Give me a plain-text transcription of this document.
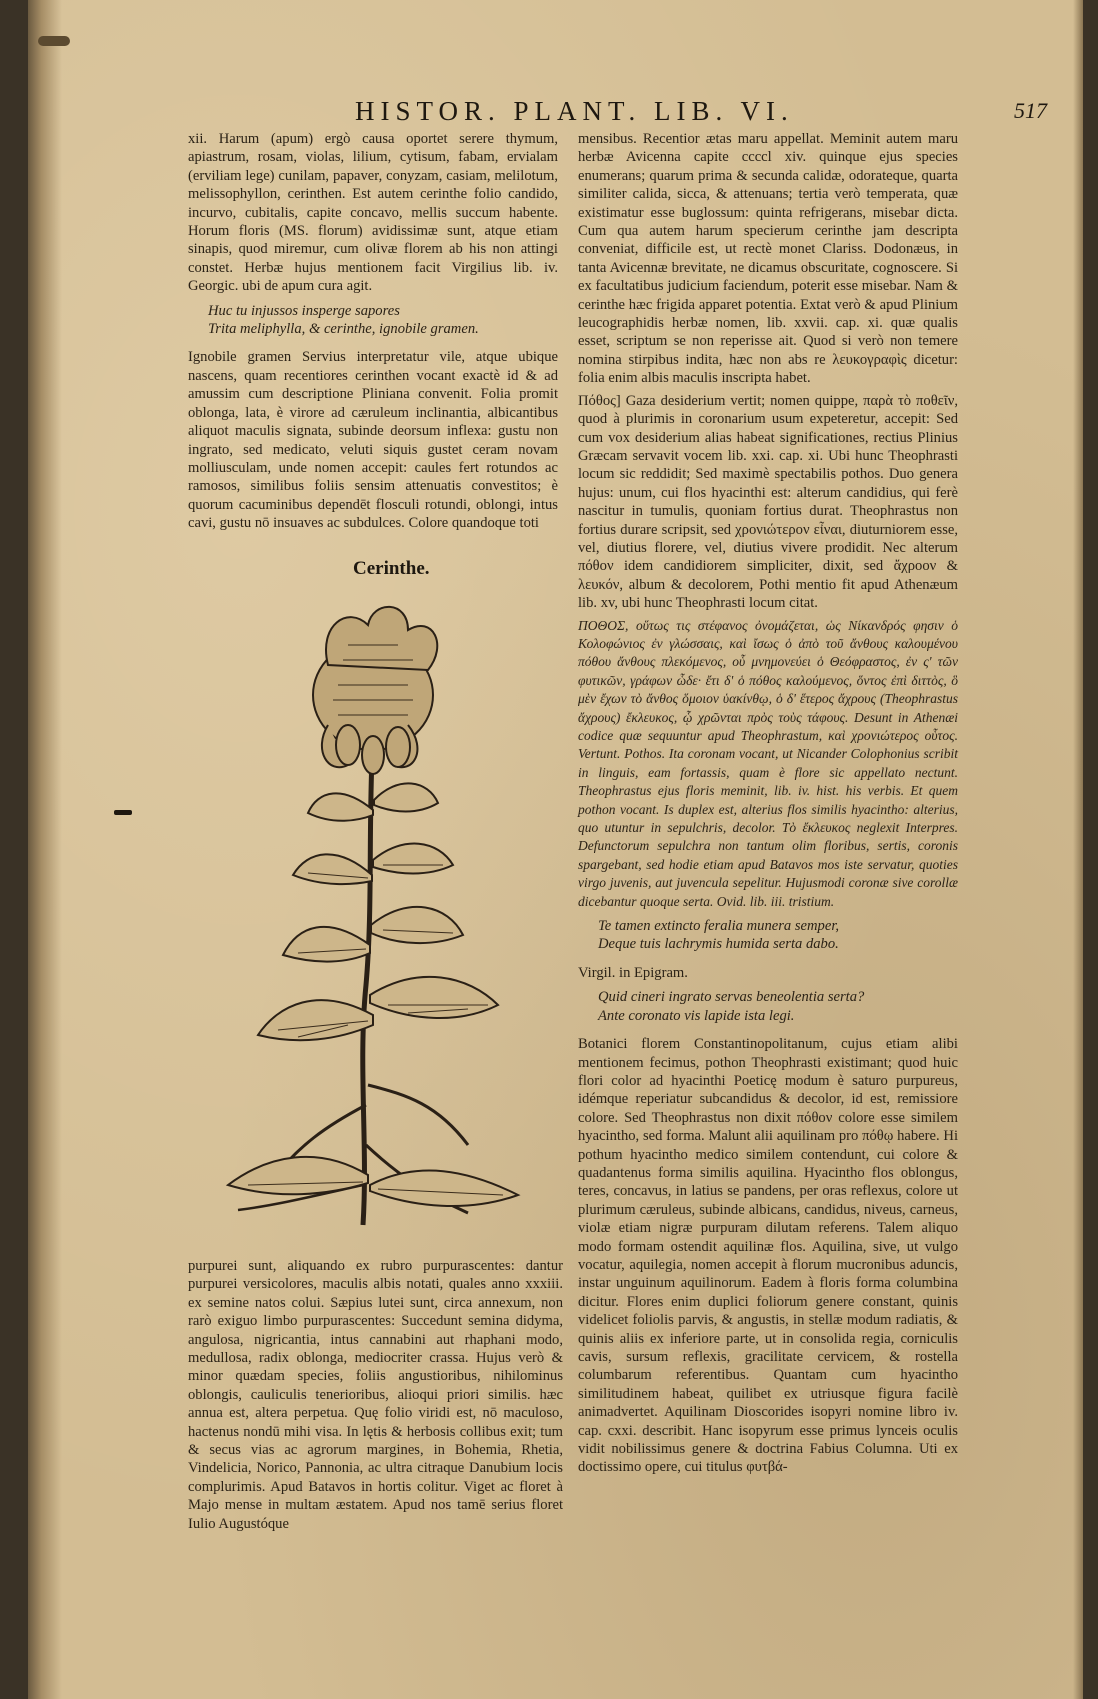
HISTOR. PLANT. LIB. VI.	517

xii. Harum (apum) ergò causa oportet serere thymum, apiastrum, rosam, violas, lilium, cytisum, fabam, ervialam (erviliam lege) cunilam, papaver, conyzam, casiam, melilotum, melissophyllon, cerinthen. Est autem cerinthe folio candido, incurvo, cubitalis, capite concavo, mellis succum habente. Horum floris (MS. florum) avidissimæ sunt, atque etiam sinapis, quod miremur, cum olivæ florem ab his non attingi constet. Herbæ hujus mentionem facit Virgilius lib. iv. Georgic. ubi de apum cura agit.

Huc tu injussos insperge sapores
Trita meliphylla, & cerinthe, ignobile gramen.

Ignobile gramen Servius interpretatur vile, atque ubique nascens, quam recentiores cerinthen vocant exactè id & ad amussim cum descriptione Pliniana convenit. Folia promit oblonga, lata, è virore ad cæruleum inclinantia, albicantibus aliquot maculis signata, subinde deorsum inflexa: gustu non ingrato, sed medicato, veluti siquis gustet ceram novam molliusculam, unde nomen accepit: caules fert rotundos ac ramosos, similibus foliis sensim attenuatis convestitos; è quorum cacuminibus dependēt flosculi rotundi, oblongi, intus cavi, gustu nō insuaves ac subdulces. Colore quandoque toti

Cerinthe.

purpurei sunt, aliquando ex rubro purpurascentes: dantur purpurei versicolores, maculis albis notati, quales anno xxxiii. ex semine natos colui. Sæpius lutei sunt, circa annexum, non rarò exiguo limbo purpurascentes: Succedunt semina didyma, angulosa, nigricantia, intus cannabini aut rhaphani modo, medullosa, radix oblonga, mediocriter crassa. Hujus verò & minor quædam species, foliis angustioribus, nihilominus oblongis, cauliculis tenerioribus, alioqui priori similis. hæc annua est, altera perpetua. Quę folio viridi est, nō maculoso, hactenus nondū mihi visa. In lętis & herbosis collibus exit; tum & secus vias ac agrorum margines, in Bohemia, Rhetia, Vindelicia, Norico, Pannonia, ac ultra citraque Danubium locis complurimis. Apud Batavos in hortis colitur. Viget ac floret à Majo mense in multam æstatem. Apud nos tamē serius floret Iulio Augustóque

mensibus. Recentior ætas maru appellat. Meminit autem maru herbæ Avicenna capite ccccl xiv. quinque ejus species enumerans; quarum prima & secunda calidæ, odorateque, quarta similiter calida, sicca, & attenuans; tertia verò temperata, quæ existimatur esse buglossum: quinta refrigerans, misebar dicta. Cum qua autem harum specierum cerinthe jam descripta conveniat, difficile est, ut rectè monet Clariss. Dodonæus, in tanta Avicennæ brevitate, ne dicamus obscuritate, cognoscere. Si ex facultatibus judicium faciendum, poterit esse misebar. Nam & cerinthe hæc frigida apparet potentia. Extat verò & apud Plinium leucographidis herbæ nomen, lib. xxvii. cap. xi. quæ qualis esset, scriptum se non reperisse ait. Quod si verò non temere nomina stirpibus indita, hæc non abs re λευκογραφὶς dicetur: folia enim albis maculis inscripta habet.

Πόθος] Gaza desiderium vertit; nomen quippe, παρὰ τὸ ποθεῖν, quod à plurimis in coronarium usum expeteretur, accepit: Sed cum vox desiderium alias habeat significationes, rectius Plinius Græcam servavit vocem lib. xxi. cap. xi. Ubi hunc Theophrasti locum sic reddidit; Sed maximè spectabilis pothos. Duo genera hujus: unum, cui flos hyacinthi est: alterum candidius, qui ferè nascitur in tumulis, quoniam fortius durat. Theophrastus non fortius durare scripsit, sed χρονιώτερον εἶναι, diuturniorem esse, vel, diutius florere, vel, diutius vivere prodidit. Nec alterum πόθον idem candidiorem simpliciter, dixit, sed ἄχροον & λευκόν, album & decolorem, Pothi mentio fit apud Athenæum lib. xv, ubi hunc Theophrasti locum citat.

ΠΟΘΟΣ, οὕτως τις στέφανος ὀνομάζεται, ὡς Νίκανδρός φησιν ὁ Κολοφώνιος ἐν γλώσσαις, καὶ ἴσως ὁ ἀπὸ τοῦ ἄνθους καλουμένου πόθου ἄνθους πλεκόμενος, οὗ μνημονεύει ὁ Θεόφραστος, ἐν ς' τῶν φυτικῶν, γράφων ὧδε· ἔτι δ' ὁ πόθος καλούμενος, ὅντος ἐπὶ διττὸς, ὃ μὲν ἔχων τὸ ἄνθος ὅμοιον ὑακίνθῳ, ὁ δ' ἕτερος ἄχρους (Theophrastus ἄχρους) ἔκλευκος, ᾧ χρῶνται πρὸς τοὺς τάφους. Desunt in Athenæi codice quæ sequuntur apud Theophrastum, καὶ χρονιώτερος οὗτος. Vertunt. Pothos. Ita coronam vocant, ut Nicander Colophonius scribit in linguis, eam fortassis, quam è flore sic appellato nectunt. Theophrastus ejus floris meminit, lib. iv. hist. his verbis. Et quem pothon vocant. Is duplex est, alterius flos similis hyacintho: alterius, quo utuntur in sepulchris, decolor. Τὸ ἔκλευκος neglexit Interpres. Defunctorum sepulchra non tantum olim floribus, sertis, coronis spargebant, sed hodie etiam apud Batavos mos iste servatur, quoties virgo juvenis, aut juvencula sepelitur. Hujusmodi coronæ sive corollæ dicebantur quoque serta. Ovid. lib. iii. tristium.

Te tamen extincto feralia munera semper,
Deque tuis lachrymis humida serta dabo.

Virgil. in Epigram.

Quid cineri ingrato servas beneolentia serta?
Ante coronato vis lapide ista legi.

Botanici florem Constantinopolitanum, cujus etiam alibi mentionem fecimus, pothon Theophrasti existimant; quod huic flori color ad hyacinthi Poeticę modum è saturo purpureus, idémque reperiatur subcandidus & decolor, id est, remissiore colore. Sed Theophrastus non dixit πόθον colore esse similem hyacintho, sed forma. Malunt alii aquilinam pro πόθῳ habere. Hi pothum hyacintho medico similem contendunt, cui colore & quadantenus forma similis aquilina. Hyacintho flos oblongus, teres, concavus, in latius se pandens, per oras reflexus, colore ut plurimum cæruleus, subinde albicans, candidus, niveus, carneus, violæ etiam nigræ purpuram dilutam referens. Talem aliquo modo formam ostendit aquilinæ flos. Aquilina, sive, ut vulgo vocatur, aquilegia, nomen accepit à florum mucronibus aduncis, instar unguinum aquilinorum. Eadem à floris forma columbina dicitur. Flores enim duplici foliorum genere constant, quinis videlicet foliolis parvis, & angustis, in stellæ modum radiatis, & quinis aliis ex inferiore parte, ut in consolida regia, corniculis cavis, sursum reflexis, gracilitate cervicem, & rostella columbarum referentibus. Quantam cum hyacintho similitudinem habeat, quilibet ex utriusque figura facilè animadvertet. Aquilinam Dioscorides isopyri nomine libro iv. cap. cxxi. describit. Hanc isopyrum esse primus lynceis oculis vidit nobilissimus genere & doctrina Fabius Columna. Uti ex doctissimo opere, cui titulus φυτβά-
